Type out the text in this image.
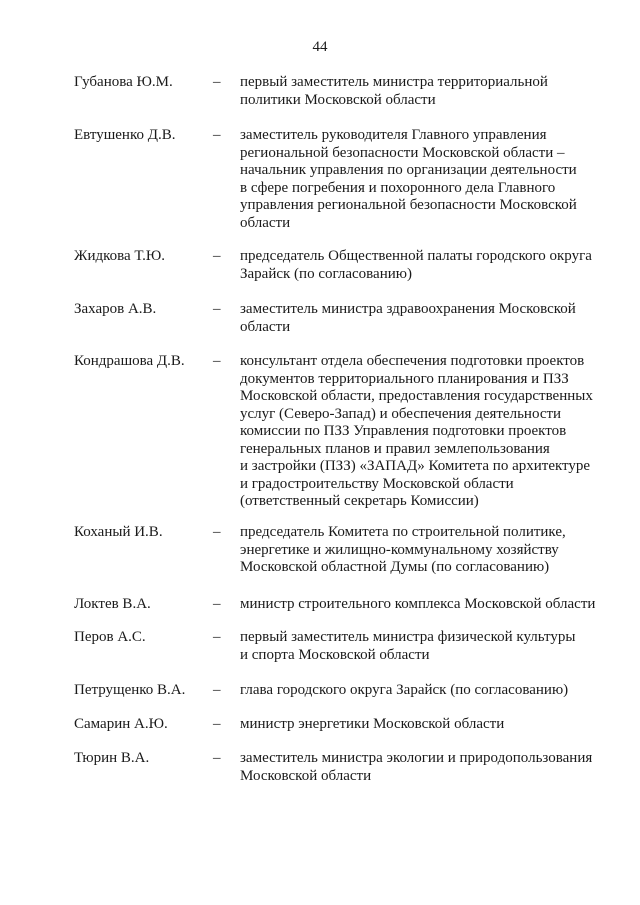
44
Губанова Ю.М.	– первый заместитель министра территориальной
политики Московской области
Евтушенко Д.В.	– заместитель руководителя Главного управления
региональной безопасности Московской области –
начальник управления по организации деятельности
в сфере погребения и похоронного дела Главного
управления региональной безопасности Московской
области
Жидкова Т.Ю.	– председатель Общественной палаты городского округа
Зарайск (по согласованию)
Захаров А.В.	– заместитель министра здравоохранения Московской
области
Кондрашова Д.В. – консультант отдела обеспечения подготовки проектов
документов территориального планирования и ПЗЗ
Московской области, предоставления государственных
услуг (Северо-Запад) и обеспечения деятельности
комиссии по ПЗЗ Управления подготовки проектов
генеральных планов и правил землепользования
и застройки (ПЗЗ) «ЗАПАД» Комитета по архитектуре
и градостроительству Московской области
(ответственный секретарь Комиссии)
Коханый И.В.	– председатель Комитета по строительной политике,
энергетике и жилищно-коммунальному хозяйству
Московской областной Думы (по согласованию)
Локтев В.А.	– министр строительного комплекса Московской области
Перов А.С.	– первый заместитель министра физической культуры
и спорта Московской области
Петрущенко В.А. – глава городского округа Зарайск (по согласованию)
Самарин А.Ю.	– министр энергетики Московской области
Тюрин В.А.	– заместитель министра экологии и природопользования
Московской области
